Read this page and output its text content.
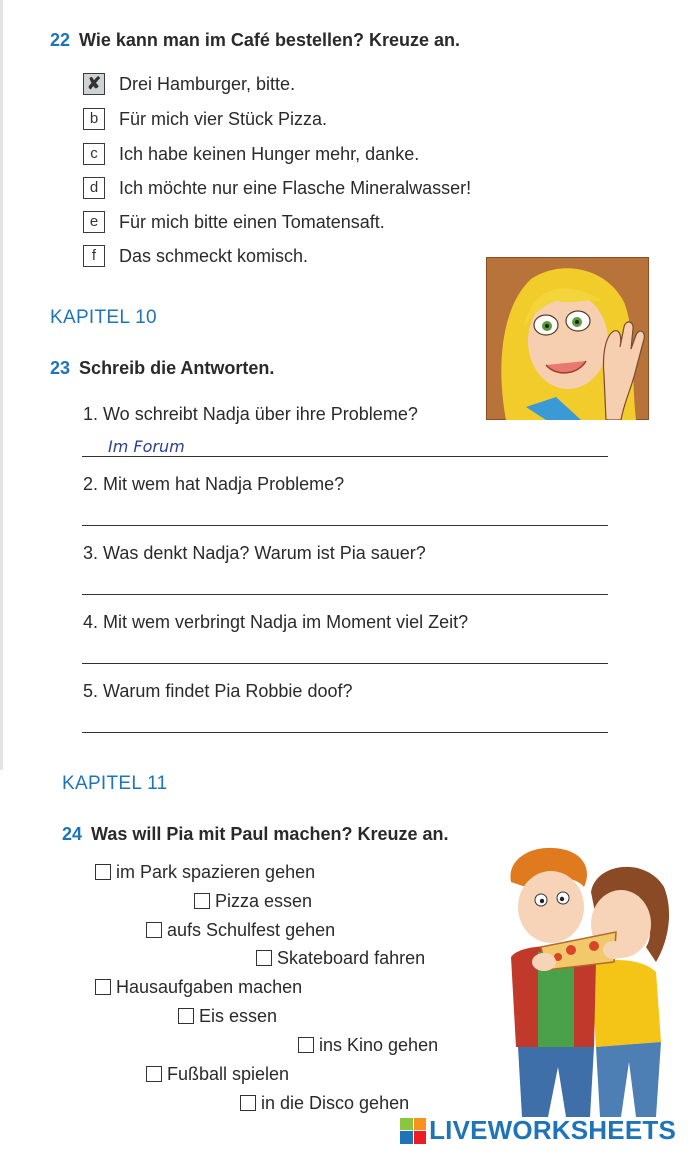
22 Wie kann man im Café bestellen? Kreuze an.
✘ Drei Hamburger, bitte.
b	Für mich vier Stück Pizza.
c	Ich habe keinen Hunger mehr, danke.
d	Ich möchte nur eine Flasche Mineralwasser!
e	Für mich bitte einen Tomatensaft.
f	Das schmeckt komisch.
KAPITEL 10
23 Schreib die Antworten.
1. Wo schreibt Nadja über ihre Probleme?
Im Forum
2. Mit wem hat Nadja Probleme?
3. Was denkt Nadja? Warum ist Pia sauer?
4. Mit wem verbringt Nadja im Moment viel Zeit?
5. Warum findet Pia Robbie doof?
KAPITEL 11
24 Was will Pia mit Paul machen? Kreuze an.
im Park spazieren gehen
Pizza essen
aufs Schulfest gehen
Skateboard fahren
Hausaufgaben machen
Eis essen
ins Kino gehen
Fußball spielen
in die Disco gehen
LIVEWORKSHEETS
